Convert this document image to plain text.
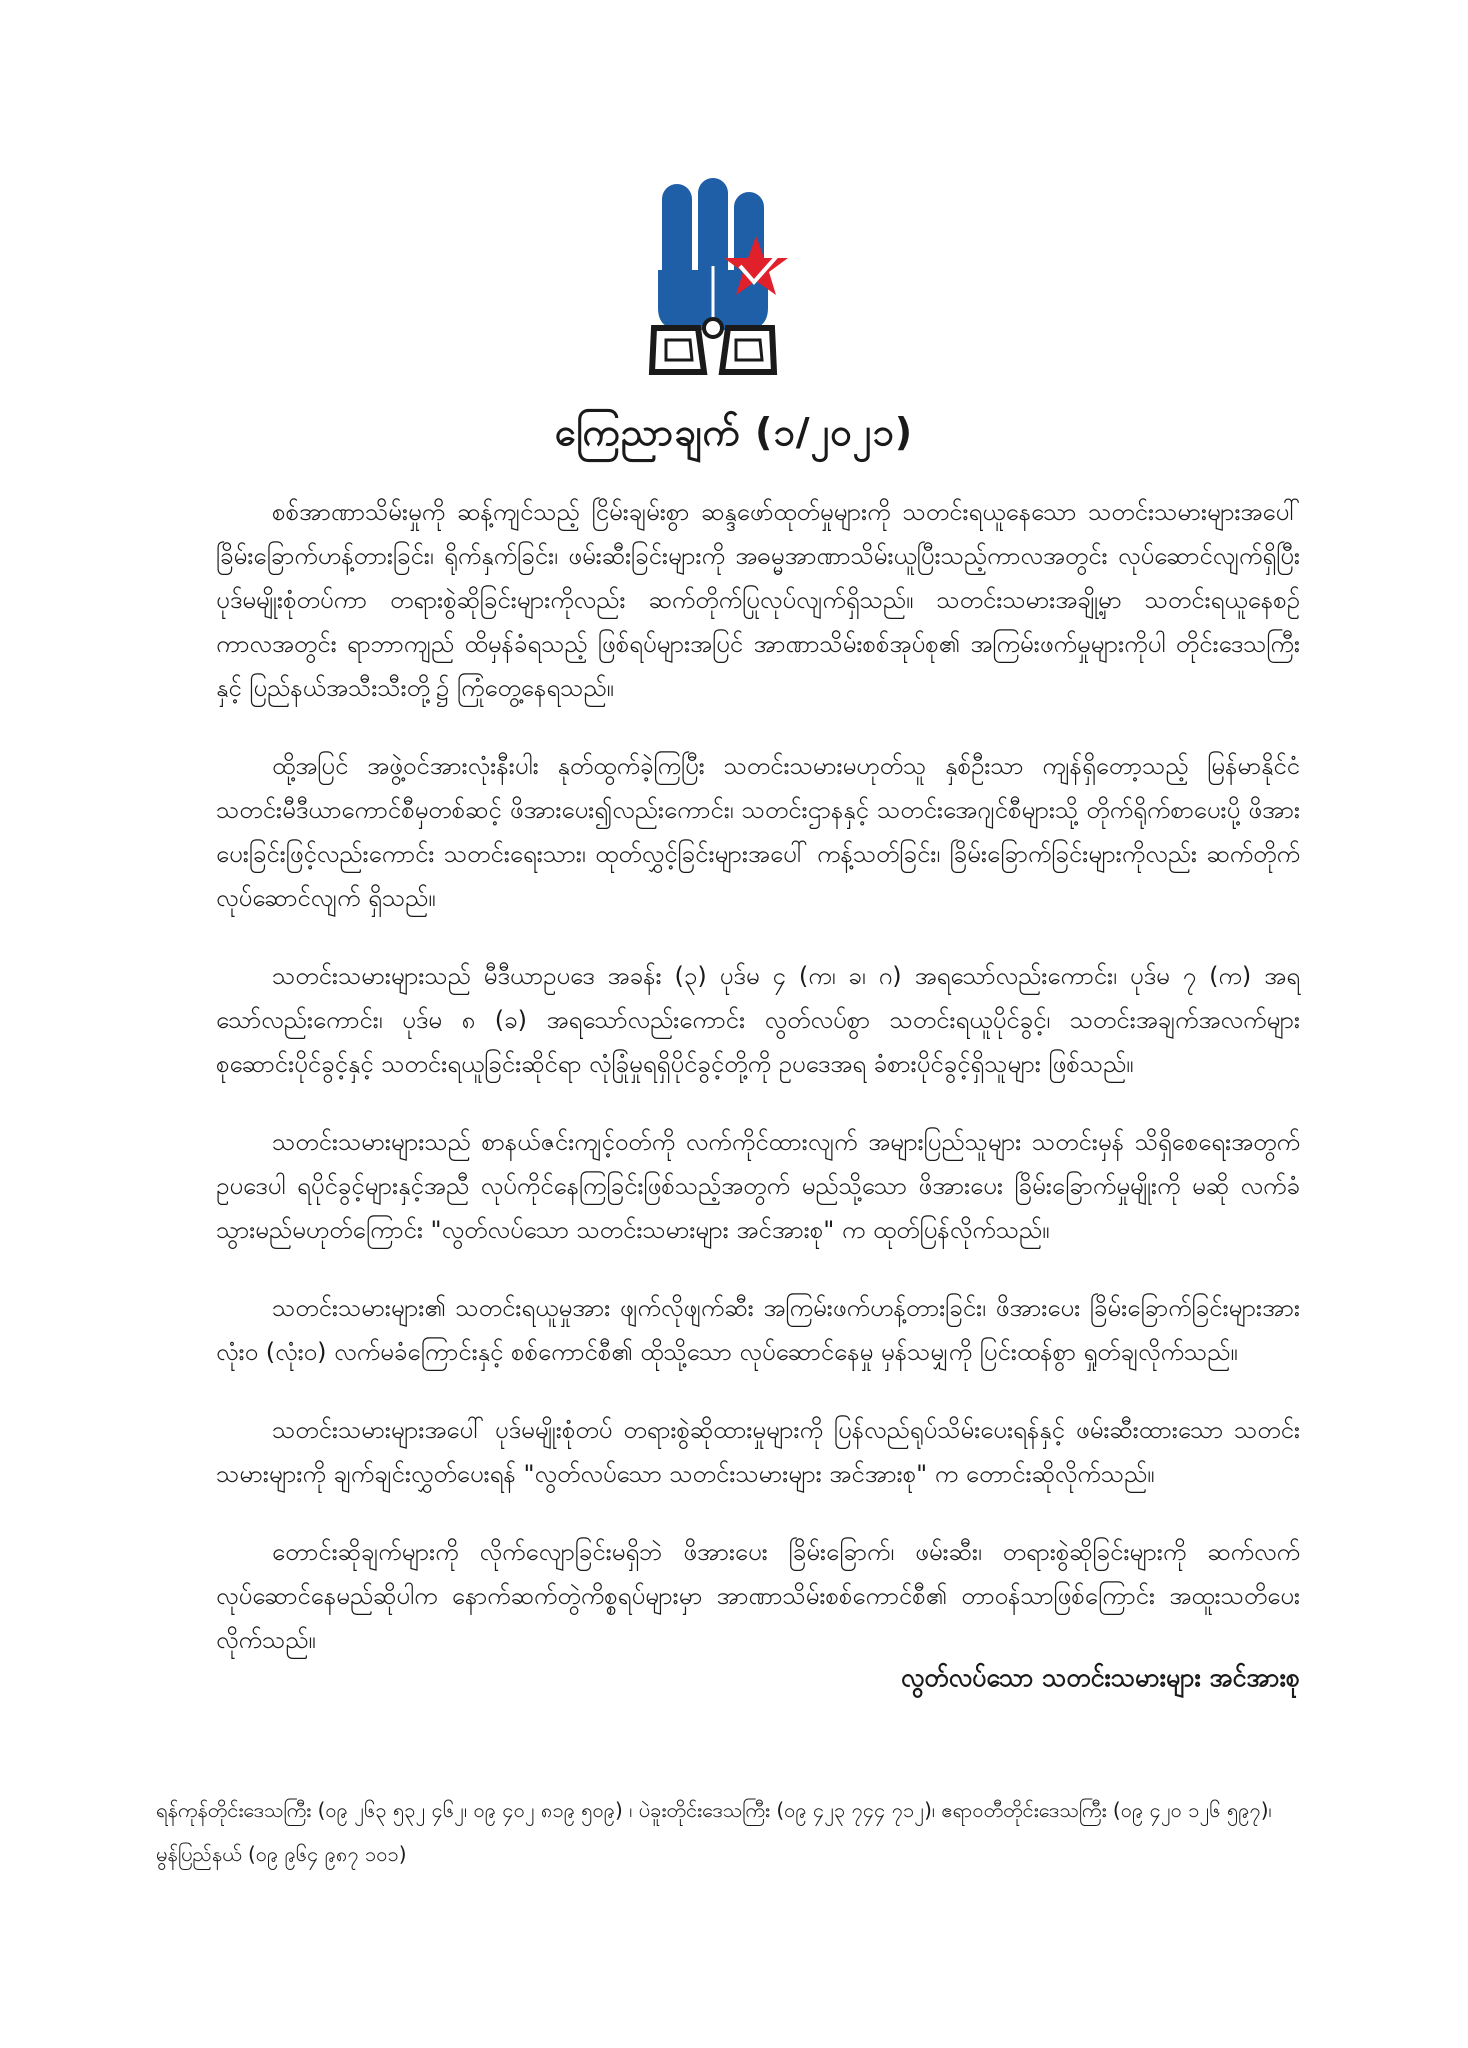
ကြေညာချက် (၁/၂၀၂၁)

စစ်အာဏာသိမ်းမှုကို ဆန့်ကျင်သည့် ငြိမ်းချမ်းစွာ ဆန္ဒဖော်ထုတ်မှုများကို သတင်းရယူနေသော သတင်းသမားများအပေါ် ခြိမ်းခြောက်ဟန့်တားခြင်း၊ ရိုက်နှက်ခြင်း၊ ဖမ်းဆီးခြင်းများကို အဓမ္မအာဏာသိမ်းယူပြီးသည့်ကာလအတွင်း လုပ်ဆောင်လျက်ရှိပြီး ပုဒ်မမျိုးစုံတပ်ကာ တရားစွဲဆိုခြင်းများကိုလည်း ဆက်တိုက်ပြုလုပ်လျက်ရှိသည်။ သတင်းသမားအချို့မှာ သတင်းရယူနေစဉ် ကာလအတွင်း ရာဘာကျည် ထိမှန်ခံရသည့် ဖြစ်ရပ်များအပြင် အာဏာသိမ်းစစ်အုပ်စု၏ အကြမ်းဖက်မှုများကိုပါ တိုင်းဒေသကြီးနှင့် ပြည်နယ်အသီးသီးတို့၌ ကြုံတွေ့နေရသည်။

ထို့အပြင် အဖွဲ့ဝင်အားလုံးနီးပါး နုတ်ထွက်ခဲ့ကြပြီး သတင်းသမားမဟုတ်သူ နှစ်ဦးသာ ကျန်ရှိတော့သည့် မြန်မာနိုင်ငံ သတင်းမီဒီယာကောင်စီမှတစ်ဆင့် ဖိအားပေး၍လည်းကောင်း၊ သတင်းဌာနနှင့် သတင်းအေဂျင်စီများသို့ တိုက်ရိုက်စာပေးပို့ ဖိအားပေးခြင်းဖြင့်လည်းကောင်း သတင်းရေးသား၊ ထုတ်လွှင့်ခြင်းများအပေါ် ကန့်သတ်ခြင်း၊ ခြိမ်းခြောက်ခြင်းများကိုလည်း ဆက်တိုက်လုပ်ဆောင်လျက် ရှိသည်။

သတင်းသမားများသည် မီဒီယာဥပဒေ အခန်း (၃) ပုဒ်မ ၄ (က၊ ခ၊ ဂ) အရသော်လည်းကောင်း၊ ပုဒ်မ ၇ (က) အရသော်လည်းကောင်း၊ ပုဒ်မ ၈ (ခ) အရသော်လည်းကောင်း လွတ်လပ်စွာ သတင်းရယူပိုင်ခွင့်၊ သတင်းအချက်အလက်များ စုဆောင်းပိုင်ခွင့်နှင့် သတင်းရယူခြင်းဆိုင်ရာ လုံခြုံမှုရရှိပိုင်ခွင့်တို့ကို ဥပဒေအရ ခံစားပိုင်ခွင့်ရှိသူများ ဖြစ်သည်။

သတင်းသမားများသည် စာနယ်ဇင်းကျင့်ဝတ်ကို လက်ကိုင်ထားလျက် အများပြည်သူများ သတင်းမှန် သိရှိစေရေးအတွက် ဥပဒေပါ ရပိုင်ခွင့်များနှင့်အညီ လုပ်ကိုင်နေကြခြင်းဖြစ်သည့်အတွက် မည်သို့သော ဖိအားပေး ခြိမ်းခြောက်မှုမျိုးကို မဆို လက်ခံသွားမည်မဟုတ်ကြောင်း "လွတ်လပ်သော သတင်းသမားများ အင်အားစု" က ထုတ်ပြန်လိုက်သည်။

သတင်းသမားများ၏ သတင်းရယူမှုအား ဖျက်လိုဖျက်ဆီး အကြမ်းဖက်ဟန့်တားခြင်း၊ ဖိအားပေး ခြိမ်းခြောက်ခြင်းများအား လုံး၀ (လုံး၀) လက်မခံကြောင်းနှင့် စစ်ကောင်စီ၏ ထိုသို့သော လုပ်ဆောင်နေမှု မှန်သမျှကို ပြင်းထန်စွာ ရှုတ်ချလိုက်သည်။

သတင်းသမားများအပေါ် ပုဒ်မမျိုးစုံတပ် တရားစွဲဆိုထားမှုများကို ပြန်လည်ရုပ်သိမ်းပေးရန်နှင့် ဖမ်းဆီးထားသော သတင်းသမားများကို ချက်ချင်းလွှတ်ပေးရန် "လွတ်လပ်သော သတင်းသမားများ အင်အားစု" က တောင်းဆိုလိုက်သည်။

တောင်းဆိုချက်များကို လိုက်လျောခြင်းမရှိဘဲ ဖိအားပေး ခြိမ်းခြောက်၊ ဖမ်းဆီး၊ တရားစွဲဆိုခြင်းများကို ဆက်လက်လုပ်ဆောင်နေမည်ဆိုပါက နောက်ဆက်တွဲကိစ္စရပ်များမှာ အာဏာသိမ်းစစ်ကောင်စီ၏ တာဝန်သာဖြစ်ကြောင်း အထူးသတိပေးလိုက်သည်။

လွတ်လပ်သော သတင်းသမားများ အင်အားစု
ရန်ကုန်တိုင်းဒေသကြီး (၀၉ ၂၆၃ ၅၃၂ ၄၆၂၊ ၀၉ ၄၀၂ ၈၁၉ ၅၀၉) ၊ ပဲခူးတိုင်းဒေသကြီး (၀၉ ၄၂၃ ၇၄၄ ၇၁၂)၊ ဧရာဝတီတိုင်းဒေသကြီး (၀၉ ၄၂၀ ၁၂၆ ၅၉၇)၊ မွန်ပြည်နယ် (၀၉ ၉၆၄ ၉၈၇ ၁၀၁)
